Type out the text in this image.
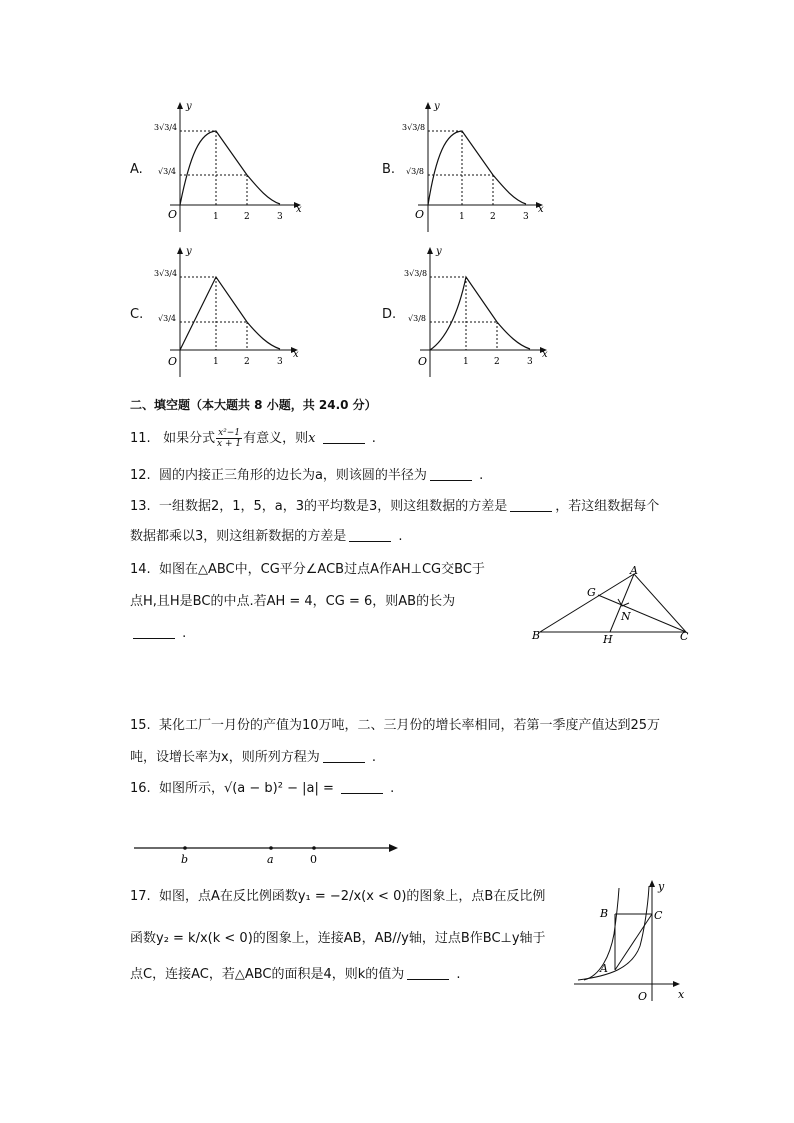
A.
y
x
O	1	2	3
3√3/4
√3/4	B.
y
x
O	1	2	3
3√3/8
√3/8
C.
y
x
O	1	2	3
3√3/4
√3/4	D.
y
x
O	1	2	3
3√3/8
√3/8
二、填空题（本大题共 8 小题，共 24.0 分）
11. 如果分式 $\frac{\text{x²−1}}{x + 1}$ 有意义，则x	.
12. 圆的内接正三角形的边长为a，则该圆的半径为	.
13. 一组数据2，1，5，a，3的平均数是3，则这组数据的方差是	，若这组数据每个
数据都乘以3，则这组新数据的方差是	.
14. 如图在△ABC中，CG平分∠ACB过点A作AH⊥CG交BC于
点H,且H是BC的中点.若AH = 4，CG = 6，则AB的长为
.
A
G
N
B	H	C
15. 某化工厂一月份的产值为10万吨，二、三月份的增长率相同，若第一季度产值达到25万
吨，设增长率为x，则所列方程为	.
16. 如图所示，√(a − b)² − |a| =	.
b	a	0
17. 如图，点A在反比例函数y₁ = −2/x(x < 0)的图象上，点B在反比例
函数y₂ = k/x(k < 0)的图象上，连接AB，AB//y轴，过点B作BC⊥y轴于
点C，连接AC，若△ABC的面积是4，则k的值为	.
B	C
A
O	x
y
